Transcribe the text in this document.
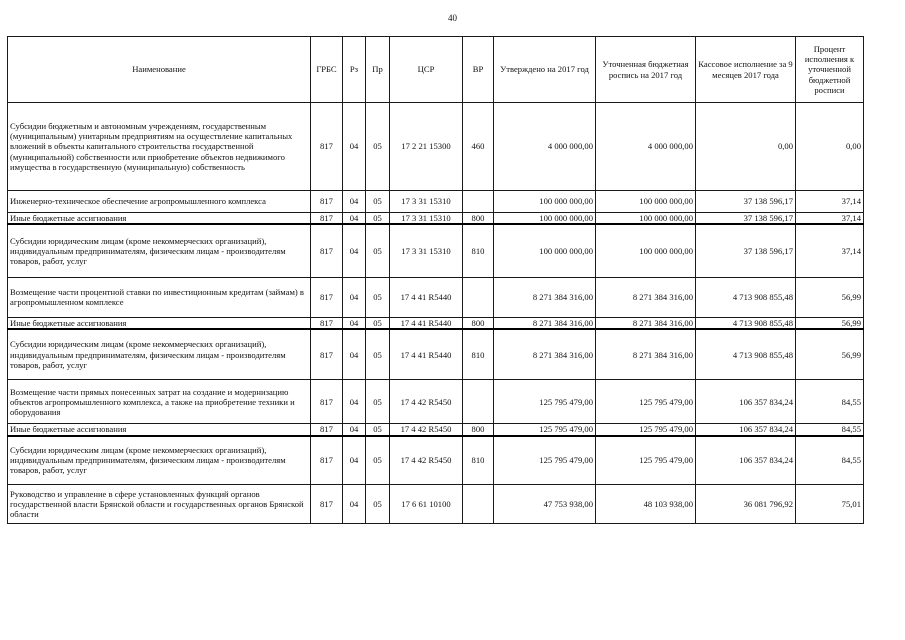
40
Наименование	ГРБС	Рз	Пр	ЦСР	ВР	Утверждено на 2017 год	Уточненная бюджетная роспись на 2017 год	Кассовое исполнение за 9 месяцев 2017 года	Процент исполнения к уточненной бюджетной росписи
Субсидии бюджетным и автономным учреждениям, государственным (муниципальным) унитарным предприятиям на осуществление капитальных вложений в объекты капитального строительства государственной (муниципальной) собственности или приобретение объектов недвижимого имущества в государственную (муниципальную) собственность	817	04	05	17 2 21 15300	460	4 000 000,00	4 000 000,00	0,00	0,00
Инженерно-техническое обеспечение агропромышленного комплекса	817	04	05	17 3 31 15310		100 000 000,00	100 000 000,00	37 138 596,17	37,14
Иные бюджетные ассигнования	817	04	05	17 3 31 15310	800	100 000 000,00	100 000 000,00	37 138 596,17	37,14
Субсидии юридическим лицам (кроме некоммерческих организаций), индивидуальным предпринимателям, физическим лицам - производителям товаров, работ, услуг	817	04	05	17 3 31 15310	810	100 000 000,00	100 000 000,00	37 138 596,17	37,14
Возмещение части процентной ставки по инвестиционным кредитам (займам) в агропромышленном комплексе	817	04	05	17 4 41 R5440		8 271 384 316,00	8 271 384 316,00	4 713 908 855,48	56,99
Иные бюджетные ассигнования	817	04	05	17 4 41 R5440	800	8 271 384 316,00	8 271 384 316,00	4 713 908 855,48	56,99
Субсидии юридическим лицам (кроме некоммерческих организаций), индивидуальным предпринимателям, физическим лицам - производителям товаров, работ, услуг	817	04	05	17 4 41 R5440	810	8 271 384 316,00	8 271 384 316,00	4 713 908 855,48	56,99
Возмещение части прямых понесенных затрат на создание и модернизацию объектов агропромышленного комплекса, а также на приобретение техники и оборудования	817	04	05	17 4 42 R5450		125 795 479,00	125 795 479,00	106 357 834,24	84,55
Иные бюджетные ассигнования	817	04	05	17 4 42 R5450	800	125 795 479,00	125 795 479,00	106 357 834,24	84,55
Субсидии юридическим лицам (кроме некоммерческих организаций), индивидуальным предпринимателям, физическим лицам - производителям товаров, работ, услуг	817	04	05	17 4 42 R5450	810	125 795 479,00	125 795 479,00	106 357 834,24	84,55
Руководство и управление в сфере установленных функций органов государственной власти Брянской области и государственных органов Брянской области	817	04	05	17 6 61 10100		47 753 938,00	48 103 938,00	36 081 796,92	75,01
